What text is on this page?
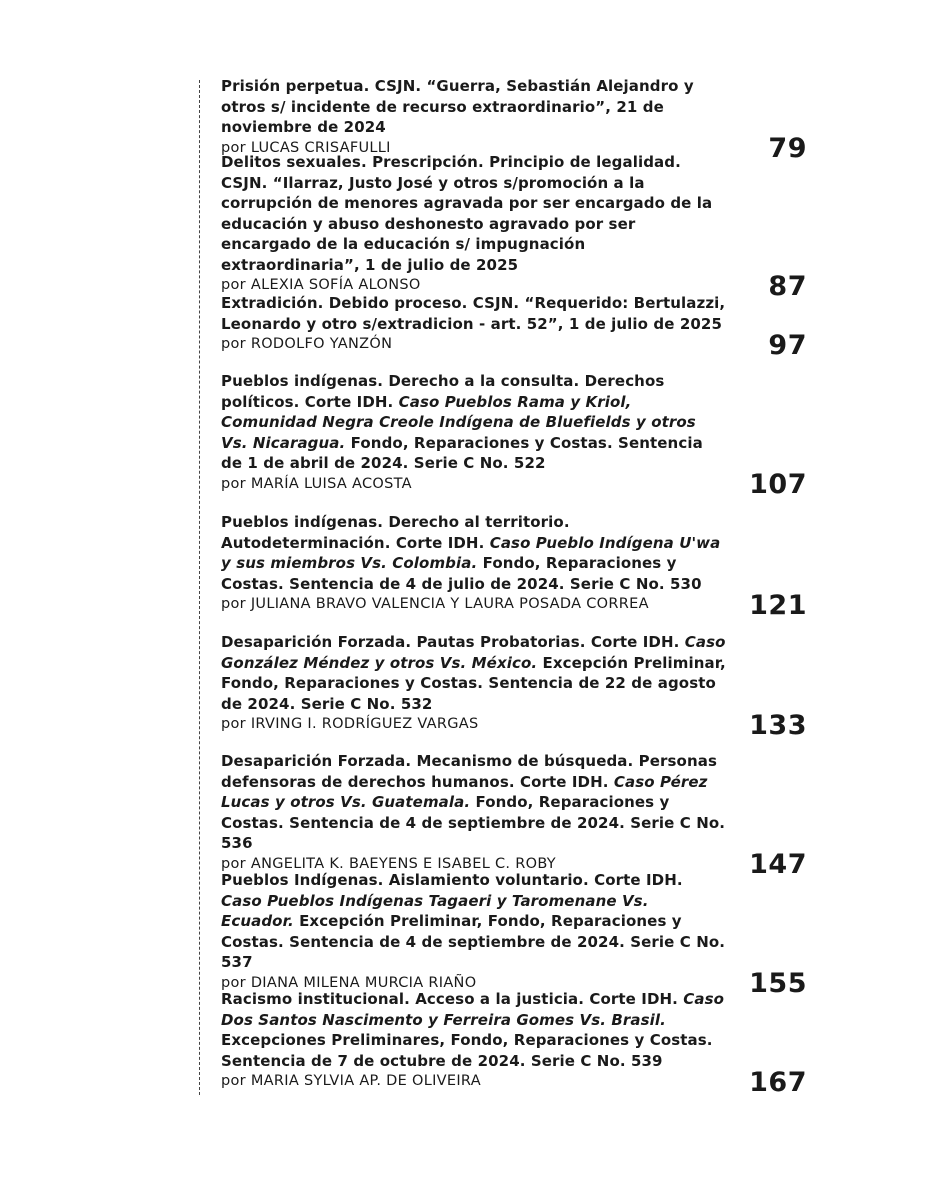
Prisión perpetua. CSJN. “Guerra, Sebastián Alejandro y otros s/ incidente de recurso extraordinario”, 21 de noviembre de 2024
por LUCAS CRISAFULLI	79
Delitos sexuales. Prescripción. Principio de legalidad. CSJN. “Ilarraz, Justo José y otros s/promoción a la corrupción de menores agravada por ser encargado de la educación y abuso deshonesto agravado por ser encargado de la educación s/ impugnación extraordinaria”, 1 de julio de 2025
por ALEXIA SOFÍA ALONSO	87
Extradición. Debido proceso. CSJN. “Requerido: Bertulazzi, Leonardo y otro s/extradicion - art. 52”, 1 de julio de 2025
por RODOLFO YANZÓN	97
Pueblos indígenas. Derecho a la consulta. Derechos políticos. Corte IDH. Caso Pueblos Rama y Kriol, Comunidad Negra Creole Indígena de Bluefields y otros Vs. Nicaragua. Fondo, Reparaciones y Costas. Sentencia de 1 de abril de 2024. Serie C No. 522
por MARÍA LUISA ACOSTA	107
Pueblos indígenas. Derecho al territorio. Autodeterminación. Corte IDH. Caso Pueblo Indígena U'wa y sus miembros Vs. Colombia. Fondo, Reparaciones y Costas. Sentencia de 4 de julio de 2024. Serie C No. 530
por JULIANA BRAVO VALENCIA Y LAURA POSADA CORREA	121
Desaparición Forzada. Pautas Probatorias. Corte IDH. Caso González Méndez y otros Vs. México. Excepción Preliminar, Fondo, Reparaciones y Costas. Sentencia de 22 de agosto de 2024. Serie C No. 532
por IRVING I. RODRÍGUEZ VARGAS	133
Desaparición Forzada. Mecanismo de búsqueda. Personas defensoras de derechos humanos. Corte IDH. Caso Pérez Lucas y otros Vs. Guatemala. Fondo, Reparaciones y Costas. Sentencia de 4 de septiembre de 2024. Serie C No. 536
por ANGELITA K. BAEYENS E ISABEL C. ROBY	147
Pueblos Indígenas. Aislamiento voluntario. Corte IDH. Caso Pueblos Indígenas Tagaeri y Taromenane Vs. Ecuador. Excepción Preliminar, Fondo, Reparaciones y Costas. Sentencia de 4 de septiembre de 2024. Serie C No. 537
por DIANA MILENA MURCIA RIAÑO	155
Racismo institucional. Acceso a la justicia. Corte IDH. Caso Dos Santos Nascimento y Ferreira Gomes Vs. Brasil. Excepciones Preliminares, Fondo, Reparaciones y Costas. Sentencia de 7 de octubre de 2024. Serie C No. 539
por MARIA SYLVIA AP. DE OLIVEIRA	167
